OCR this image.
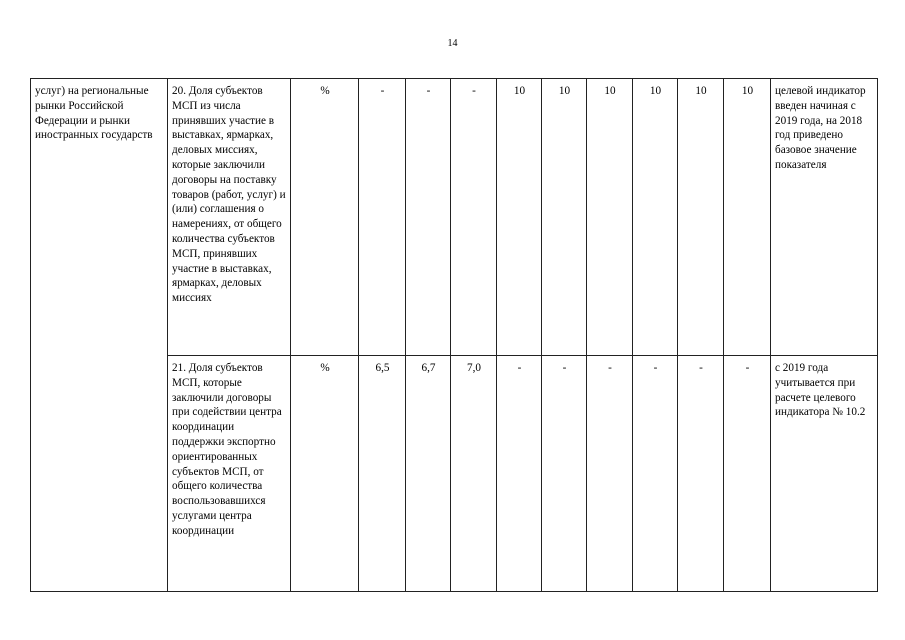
14
услуг) на региональные рынки Российской Федерации и рынки иностранных государств	20. Доля субъектов МСП из числа принявших участие в выставках, ярмарках, деловых миссиях, которые заключили договоры на поставку товаров (работ, услуг) и (или) соглашения о намерениях, от общего количества субъектов МСП, принявших участие в выставках, ярмарках, деловых миссиях	%	-	-	-	10	10	10	10	10	10	целевой индикатор введен начиная с 2019 года, на 2018 год приведено базовое значение показателя
	21. Доля субъектов МСП, которые заключили договоры при содействии центра координации поддержки экспортно ориентированных субъектов МСП, от общего количества воспользовавшихся услугами центра координации	%	6,5	6,7	7,0	-	-	-	-	-	-	с 2019 года учитывается при расчете целевого индикатора № 10.2
